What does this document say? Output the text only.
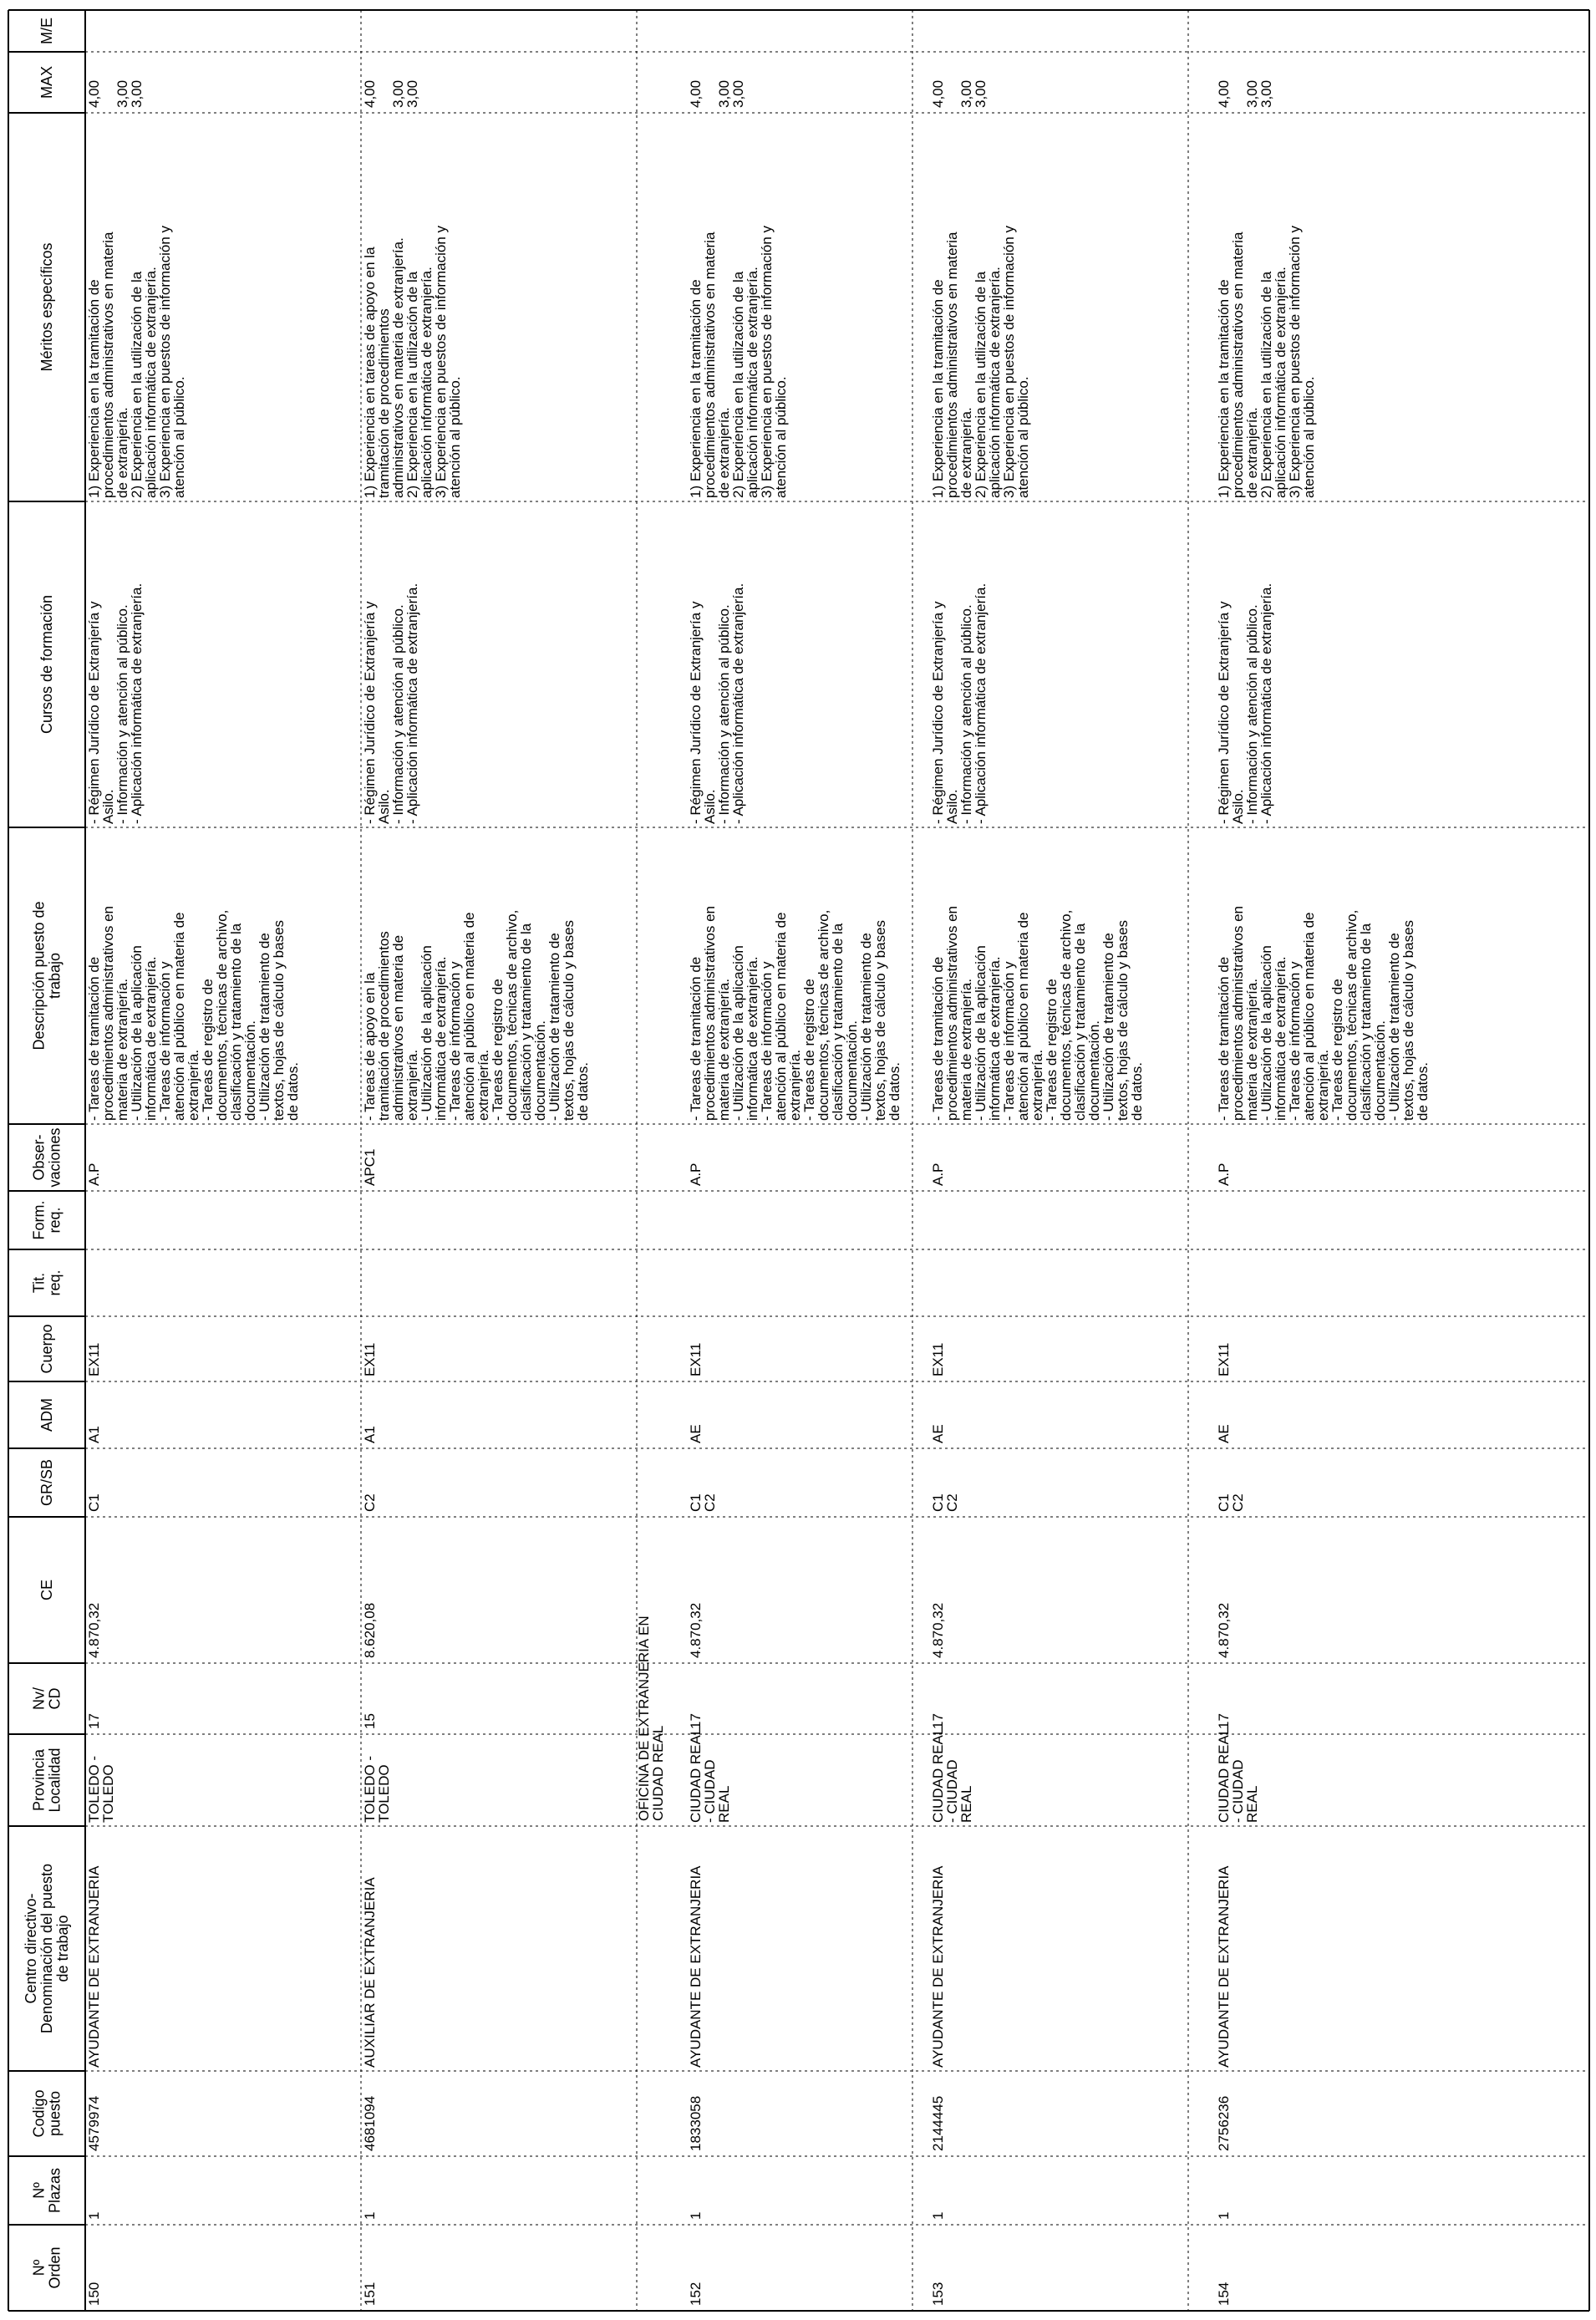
Nº Orden
Nº Plazas
Codigo puesto
Centro directivo- Denominación del puesto de trabajo
Provincia Localidad
Nv/ CD
CE
GR/SB
ADM
Cuerpo
Tit. req.
Form. req.
Obser- vaciones
Descripción puesto de trabajo
Cursos de formación
Méritos específicos
MAX
M/E
OFICINA DE EXTRANJERIA EN
CIUDAD REAL
150
1
4579974
AYUDANTE DE EXTRANJERIA
TOLEDO -
TOLEDO
17
4.870,32
C1
A1
EX11
A.P
- Tareas de tramitación de
procedimientos administrativos en
materia de extranjería.
- Utilización de la aplicación
informática de extranjería.
- Tareas de información y
atención al público en materia de
extranjería.
- Tareas de registro de
documentos, técnicas de archivo,
clasificación y tratamiento de la
documentación.
- Utilización de tratamiento de
textos, hojas de cálculo y bases
de datos.
- Régimen Jurídico de Extranjería y
Asilo.
- Información y atención al público.
- Aplicación informática de extranjería.
1) Experiencia en la tramitación de
procedimientos administrativos en materia
de extranjería.
2) Experiencia en la utilización de la
aplicación informática de extranjería.
3) Experiencia en puestos de información y
atención al público.
4,00 3,00
3,00
151
1
4681094
AUXILIAR DE EXTRANJERIA
TOLEDO -
TOLEDO
15
8.620,08
C2
A1
EX11
APC1
- Tareas de apoyo en la
tramitación de procedimientos
administrativos en materia de
extranjería.
- Utilización de la aplicación
informática de extranjería.
- Tareas de información y
atención al público en materia de
extranjería.
- Tareas de registro de
documentos, técnicas de archivo,
clasificación y tratamiento de la
documentación.
- Utilización de tratamiento de
textos, hojas de cálculo y bases
de datos.
- Régimen Jurídico de Extranjería y
Asilo.
- Información y atención al público.
- Aplicación informática de extranjería.
1) Experiencia en tareas de apoyo en la
tramitación de procedimientos
administrativos en materia de extranjería.
2) Experiencia en la utilización de la
aplicación informática de extranjería.
3) Experiencia en puestos de información y
atención al público.
4,00 3,00
3,00
152
1
1833058
AYUDANTE DE EXTRANJERIA
CIUDAD REAL
- CIUDAD
REAL
17
4.870,32
C1
C2
AE
EX11
A.P
- Tareas de tramitación de
procedimientos administrativos en
materia de extranjería.
- Utilización de la aplicación
informática de extranjería.
- Tareas de información y
atención al público en materia de
extranjería.
- Tareas de registro de
documentos, técnicas de archivo,
clasificación y tratamiento de la
documentación.
- Utilización de tratamiento de
textos, hojas de cálculo y bases
de datos.
- Régimen Jurídico de Extranjería y
Asilo.
- Información y atención al público.
- Aplicación informática de extranjería.
1) Experiencia en la tramitación de
procedimientos administrativos en materia
de extranjería.
2) Experiencia en la utilización de la
aplicación informática de extranjería.
3) Experiencia en puestos de información y
atención al público.
4,00 3,00
3,00
153
1
2144445
AYUDANTE DE EXTRANJERIA
CIUDAD REAL
- CIUDAD
REAL
17
4.870,32
C1
C2
AE
EX11
A.P
- Tareas de tramitación de
procedimientos administrativos en
materia de extranjería.
- Utilización de la aplicación
informática de extranjería.
- Tareas de información y
atención al público en materia de
extranjería.
- Tareas de registro de
documentos, técnicas de archivo,
clasificación y tratamiento de la
documentación.
- Utilización de tratamiento de
textos, hojas de cálculo y bases
de datos.
- Régimen Jurídico de Extranjería y
Asilo.
- Información y atención al público.
- Aplicación informática de extranjería.
1) Experiencia en la tramitación de
procedimientos administrativos en materia
de extranjería.
2) Experiencia en la utilización de la
aplicación informática de extranjería.
3) Experiencia en puestos de información y
atención al público.
4,00 3,00
3,00
154
1
2756236
AYUDANTE DE EXTRANJERIA
CIUDAD REAL
- CIUDAD
REAL
17
4.870,32
C1
C2
AE
EX11
A.P
- Tareas de tramitación de
procedimientos administrativos en
materia de extranjería.
- Utilización de la aplicación
informática de extranjería.
- Tareas de información y
atención al público en materia de
extranjería.
- Tareas de registro de
documentos, técnicas de archivo,
clasificación y tratamiento de la
documentación.
- Utilización de tratamiento de
textos, hojas de cálculo y bases
de datos.
- Régimen Jurídico de Extranjería y
Asilo.
- Información y atención al público.
- Aplicación informática de extranjería.
1) Experiencia en la tramitación de
procedimientos administrativos en materia
de extranjería.
2) Experiencia en la utilización de la
aplicación informática de extranjería.
3) Experiencia en puestos de información y
atención al público.
4,00 3,00
3,00
